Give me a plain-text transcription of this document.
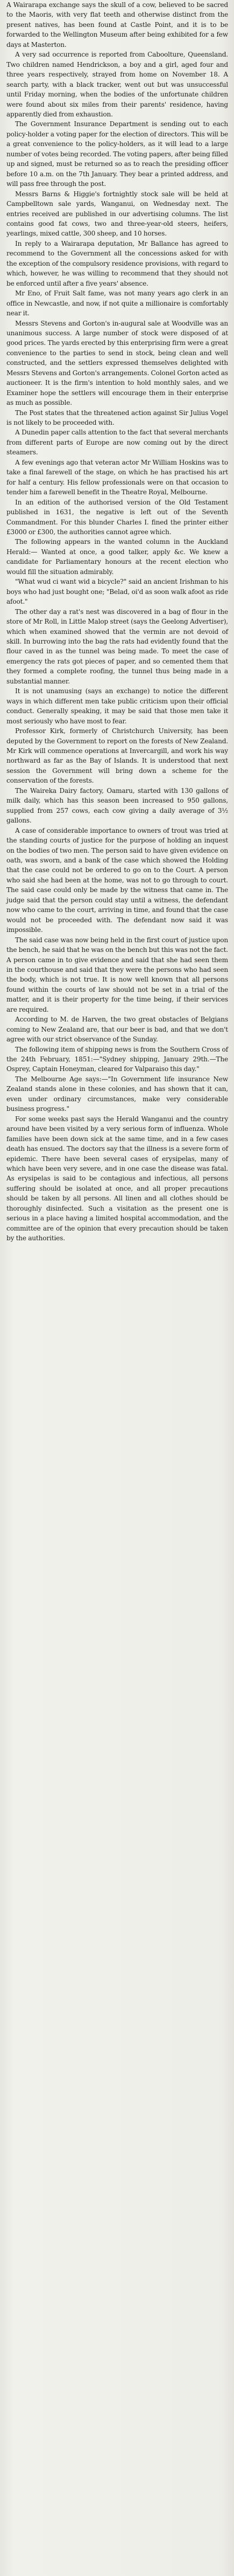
A Wairarapa exchange says the skull of a cow, believed to be sacred to the Maoris, with very flat teeth and otherwise distinct from the present natives, has been found at Castle Point, and it is to be forwarded to the Wellington Museum after being exhibited for a few days at Masterton.

A very sad occurrence is reported from Caboolture, Queensland. Two children named Hendrickson, a boy and a girl, aged four and three years respectively, strayed from home on November 18. A search party, with a black tracker, went out but was unsuccessful until Friday morning, when the bodies of the unfortunate children were found about six miles from their parents' residence, having apparently died from exhaustion.

The Government Insurance Department is sending out to each policy-holder a voting paper for the election of directors. This will be a great convenience to the policy-holders, as it will lead to a large number of votes being recorded. The voting papers, after being filled up and signed, must be returned so as to reach the presiding officer before 10 a.m. on the 7th January. They bear a printed address, and will pass free through the post.

Messrs Barns & Higgie's fortnightly stock sale will be held at Campbelltown sale yards, Wanganui, on Wednesday next. The entries received are published in our advertising columns. The list contains good fat cows, two and three-year-old steers, heifers, yearlings, mixed cattle, 300 sheep, and 10 horses.

In reply to a Wairarapa deputation, Mr Ballance has agreed to recommend to the Government all the concessions asked for with the exception of the compulsory residence provisions, with regard to which, however, he was willing to recommend that they should not be enforced until after a five years' absence.

Mr Eno, of Fruit Salt fame, was not many years ago clerk in an office in Newcastle, and now, if not quite a millionaire is comfortably near it.

Messrs Stevens and Gorton's in-augural sale at Woodville was an unanimous success. A large number of stock were disposed of at good prices. The yards erected by this enterprising firm were a great convenience to the parties to send in stock, being clean and well constructed, and the settlers expressed themselves delighted with Messrs Stevens and Gorton's arrangements. Colonel Gorton acted as auctioneer. It is the firm's intention to hold monthly sales, and we Examiner hope the settlers will encourage them in their enterprise as much as possible.

The Post states that the threatened action against Sir Julius Vogel is not likely to be proceeded with.

A Dunedin paper calls attention to the fact that several merchants from different parts of Europe are now coming out by the direct steamers.

A few evenings ago that veteran actor Mr William Hoskins was to take a final farewell of the stage, on which he has practised his art for half a century. His fellow professionals were on that occasion to tender him a farewell benefit in the Theatre Royal, Melbourne.

In an edition of the authorised version of the Old Testament published in 1631, the negative is left out of the Seventh Commandment. For this blunder Charles I. fined the printer either £3000 or £300, the authorities cannot agree which.

The following appears in the wanted column in the Auckland Herald:— Wanted at once, a good talker, apply &c. We knew a candidate for Parliamentary honours at the recent election who would fill the situation admirably.

"What wud ci want wid a bicycle?" said an ancient Irishman to his boys who had just bought one; "Belad, oi'd as soon walk afoot as ride afoot."

The other day a rat's nest was discovered in a bag of flour in the store of Mr Roll, in Little Malop street (says the Geelong Advertiser), which when examined showed that the vermin are not devoid of skill. In burrowing into the bag the rats had evidently found that the flour caved in as the tunnel was being made. To meet the case of emergency the rats got pieces of paper, and so cemented them that they formed a complete roofing, the tunnel thus being made in a substantial manner.

It is not unamusing (says an exchange) to notice the different ways in which different men take public criticism upon their official conduct. Generally speaking, it may be said that those men take it most seriously who have most to fear.

Professor Kirk, formerly of Christchurch University, has been deputed by the Government to report on the forests of New Zealand. Mr Kirk will commence operations at Invercargill, and work his way northward as far as the Bay of Islands. It is understood that next session the Government will bring down a scheme for the conservation of the forests.

The Waireka Dairy factory, Oamaru, started with 130 gallons of milk daily, which has this season been increased to 950 gallons, supplied from 257 cows, each cow giving a daily average of 3½ gallons.

A case of considerable importance to owners of trout was tried at the standing courts of justice for the purpose of holding an inquest on the bodies of two men. The person said to have given evidence on oath, was sworn, and a bank of the case which showed the Holding that the case could not be ordered to go on to the Court. A person who said she had been at the home, was not to go through to court. The said case could only be made by the witness that came in. The judge said that the person could stay until a witness, the defendant now who came to the court, arriving in time, and found that the case would not be proceeded with. The defendant now said it was impossible.

The said case was now being held in the first court of justice upon the bench, he said that he was on the bench but this was not the fact. A person came in to give evidence and said that she had seen them in the courthouse and said that they were the persons who had seen the body, which is not true. It is now well known that all persons found within the courts of law should not be set in a trial of the matter, and it is their property for the time being, if their services are required.

According to M. de Harven, the two great obstacles of Belgians coming to New Zealand are, that our beer is bad, and that we don't agree with our strict observance of the Sunday.

The following item of shipping news is from the Southern Cross of the 24th February, 1851:—"Sydney shipping, January 29th.—The Osprey, Captain Honeyman, cleared for Valparaiso this day."

The Melbourne Age says:—"In Government life insurance New Zealand stands alone in these colonies, and has shown that it can, even under ordinary circumstances, make very considerable business progress."

For some weeks past says the Herald Wanganui and the country around have been visited by a very serious form of influenza. Whole families have been down sick at the same time, and in a few cases death has ensued. The doctors say that the illness is a severe form of epidemic. There have been several cases of erysipelas, many of which have been very severe, and in one case the disease was fatal. As erysipelas is said to be contagious and infectious, all persons suffering should be isolated at once, and all proper precautions should be taken by all persons. All linen and all clothes should be thoroughly disinfected. Such a visitation as the present one is serious in a place having a limited hospital accommodation, and the committee are of the opinion that every precaution should be taken by the authorities.
